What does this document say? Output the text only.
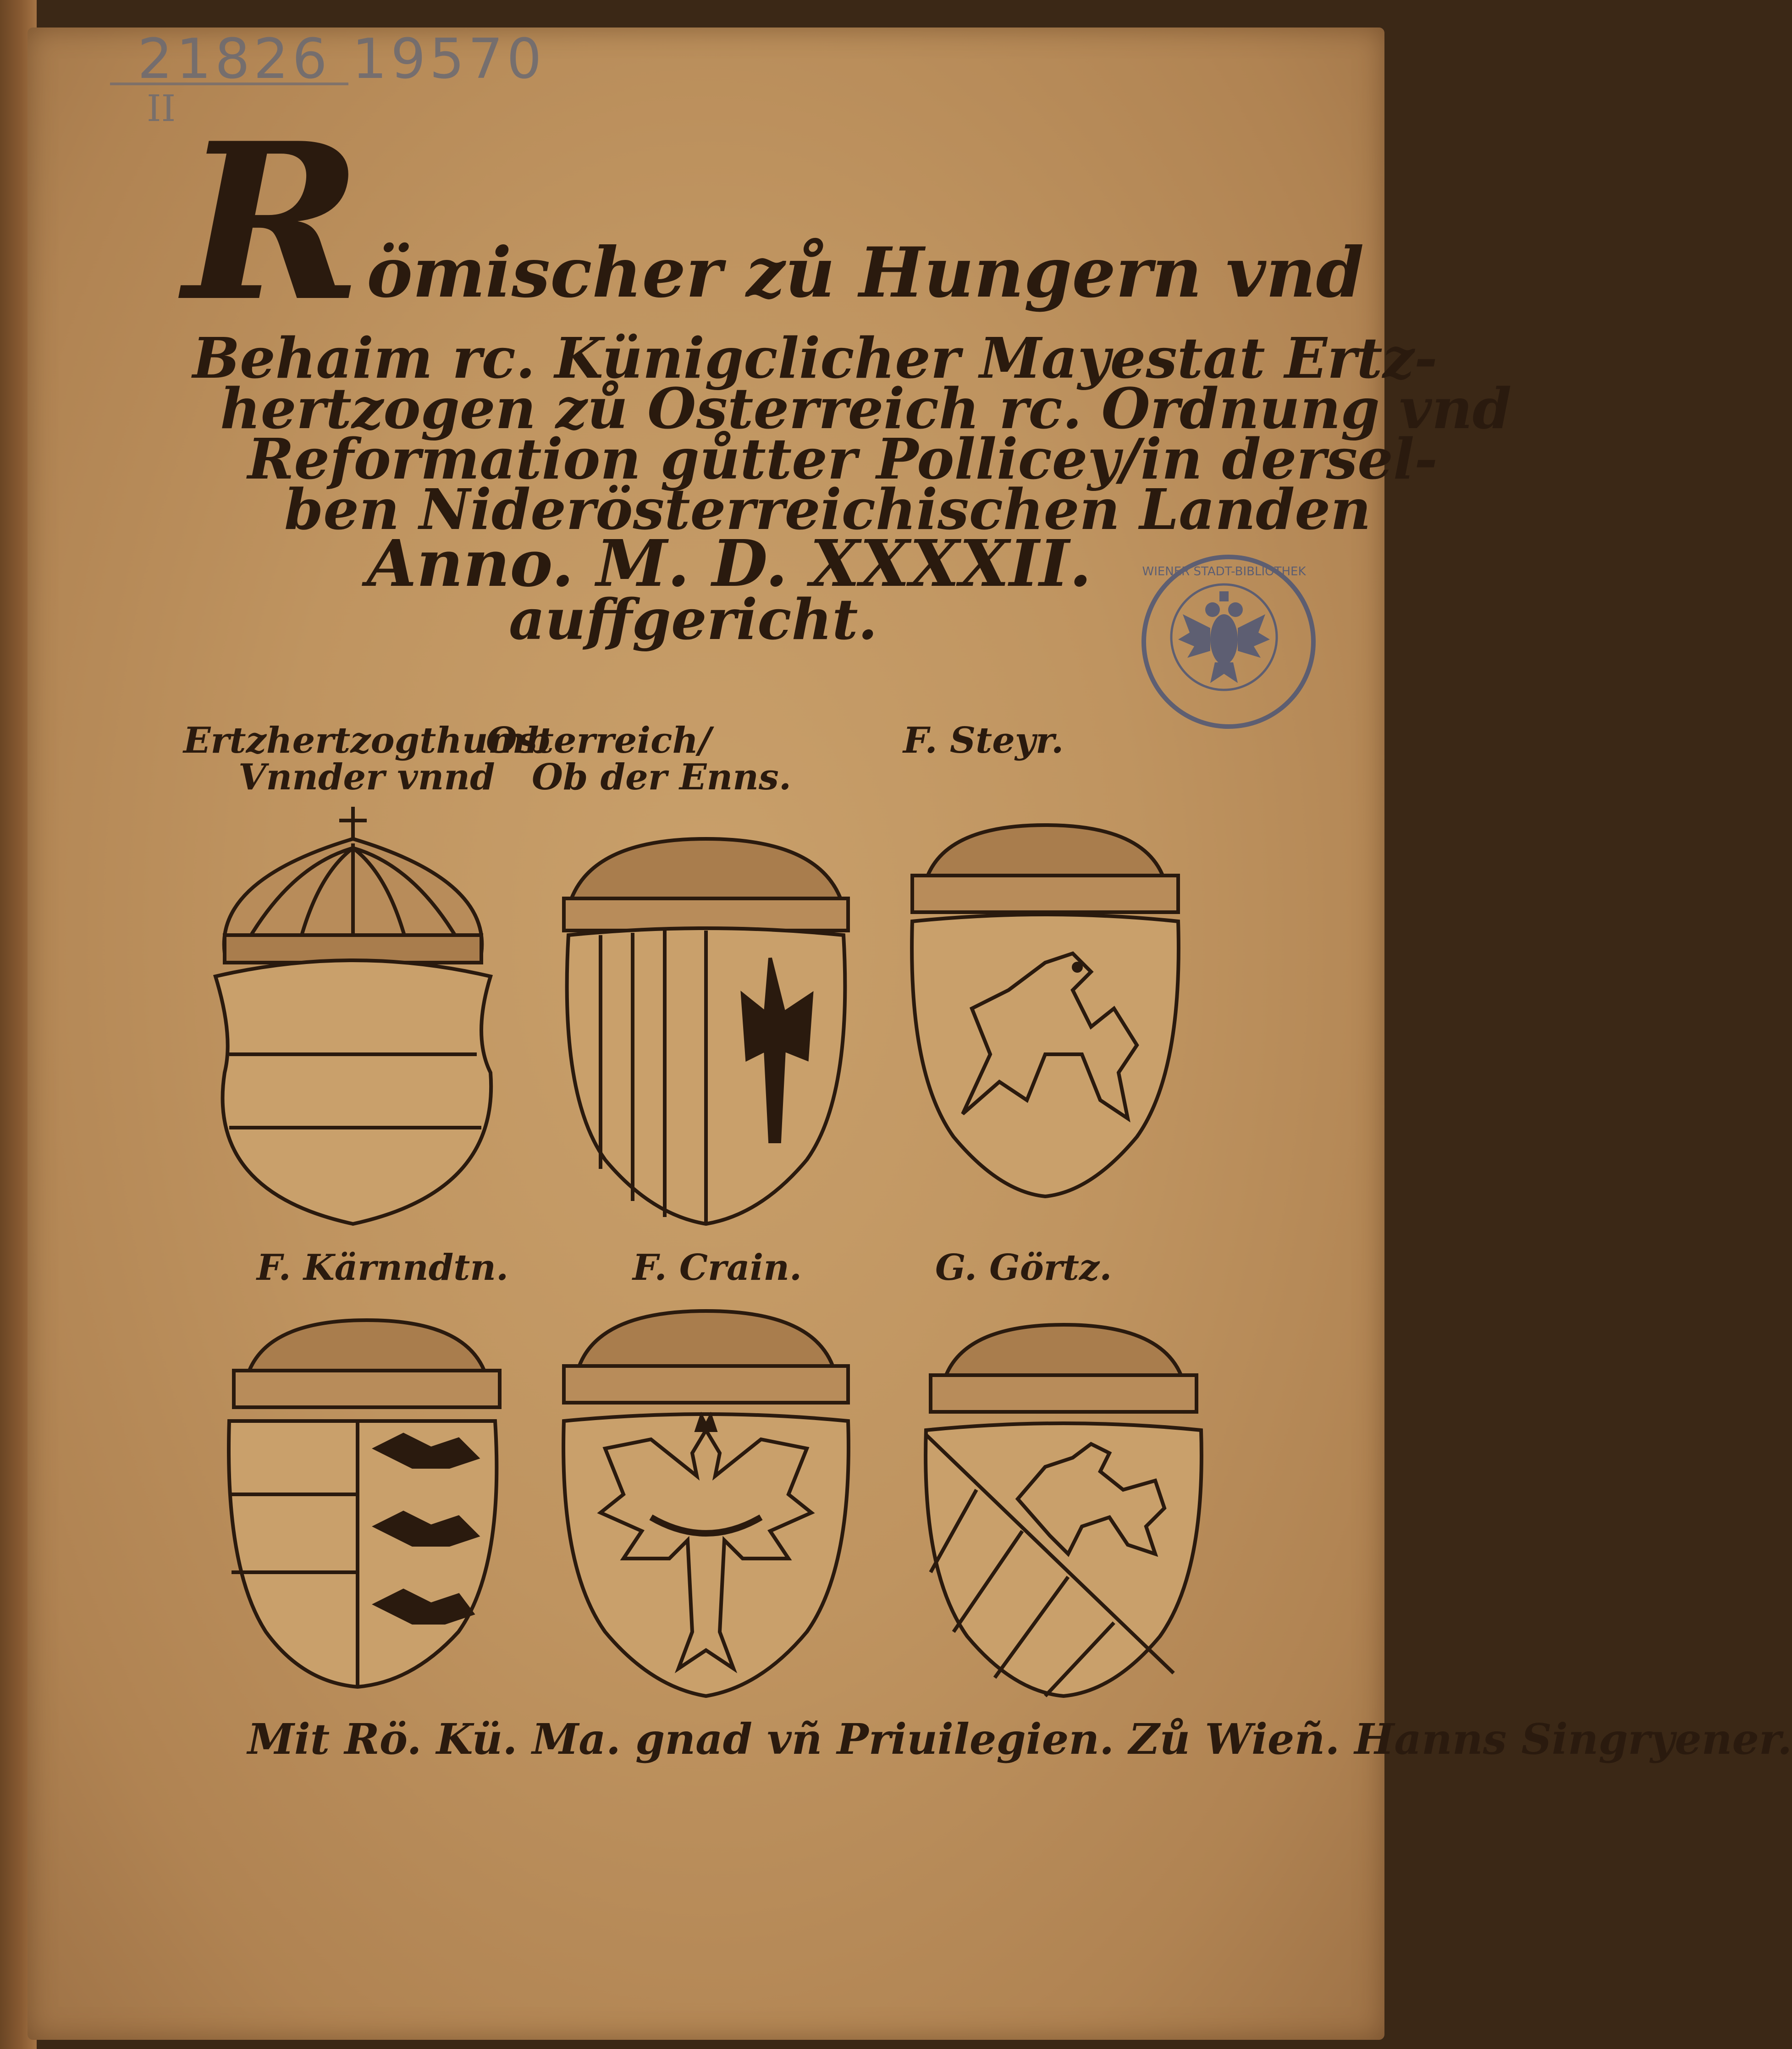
21826 19570
II R ömischer zů Hungern vnd
Behaim rc. Künigclicher Mayestat Ertz-
hertzogen zů Osterreich rc. Ordnung vnd
Reformation gůtter Pollicey/in dersel-
ben Niderösterreichischen Landen
Anno. M. D. XXXXII.
auffgericht.
WIENER STADT-BIBLIOTHEK
Ertzhertzogthumb
Vnnder vnnd
Osterreich/
Ob der Enns.
F. Steyr.
F. Kärnndtn.	F. Crain.	G. Görtz.
Mit Rö. Kü. Ma. gnad vñ Priuilegien. Zů Wieñ. Hanns Singryener.
